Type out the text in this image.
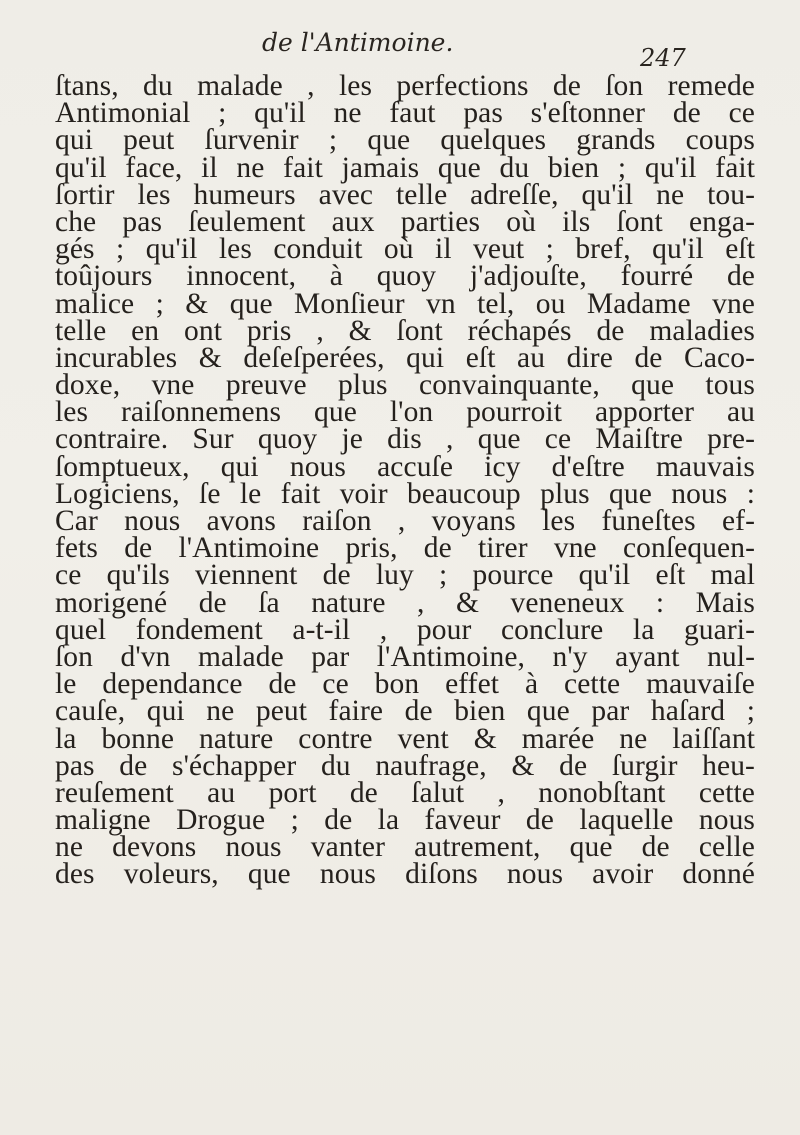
de l'Antimoine.
247
ſtans, du malade , les perfections de ſon remede
Antimonial ; qu'il ne faut pas s'eſtonner de ce
qui peut ſurvenir ; que quelques grands coups
qu'il face, il ne fait jamais que du bien ; qu'il fait
ſortir les humeurs avec telle adreſſe, qu'il ne tou-
che pas ſeulement aux parties où ils ſont enga-
gés ; qu'il les conduit où il veut ; bref, qu'il eſt
toûjours innocent, à quoy j'adjouſte, fourré de
malice ; & que Monſieur vn tel, ou Madame vne
telle en ont pris , & ſont réchapés de maladies
incurables & deſeſperées, qui eſt au dire de Caco-
doxe, vne preuve plus convainquante, que tous
les raiſonnemens que l'on pourroit apporter au
contraire. Sur quoy je dis , que ce Maiſtre pre-
ſomptueux, qui nous accuſe icy d'eſtre mauvais
Logiciens, ſe le fait voir beaucoup plus que nous :
Car nous avons raiſon , voyans les funeſtes ef-
fets de l'Antimoine pris, de tirer vne conſequen-
ce qu'ils viennent de luy ; pource qu'il eſt mal
morigené de ſa nature , & veneneux : Mais
quel fondement a-t-il , pour conclure la guari-
ſon d'vn malade par l'Antimoine, n'y ayant nul-
le dependance de ce bon effet à cette mauvaiſe
cauſe, qui ne peut faire de bien que par haſard ;
la bonne nature contre vent & marée ne laiſſant
pas de s'échapper du naufrage, & de ſurgir heu-
reuſement au port de ſalut , nonobſtant cette
maligne Drogue ; de la faveur de laquelle nous
ne devons nous vanter autrement, que de celle
des voleurs, que nous diſons nous avoir donné
